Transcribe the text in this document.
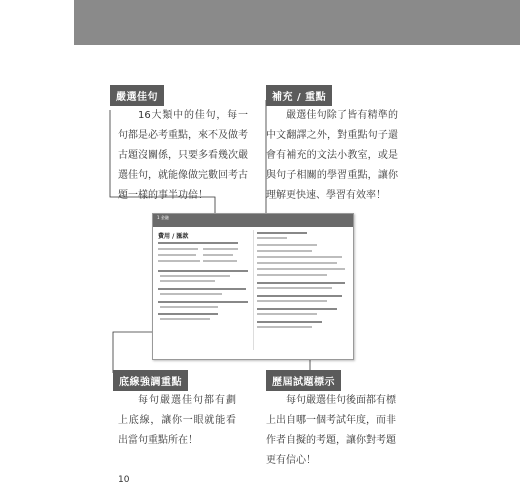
嚴選佳句
16大類中的佳句，每一句都是必考重點，來不及做考古題沒關係，只要多看幾次嚴選佳句，就能像做完數回考古題一樣的事半功倍！
補充 / 重點
嚴選佳句除了皆有精準的中文翻譯之外，對重點句子還會有補充的文法小教室，或是與句子相關的學習重點，讓你理解更快速、學習有效率！
1 金融
費用 / 匯款
底線強調重點
每句嚴選佳句都有劃上底線，讓你一眼就能看出當句重點所在！
歷屆試題標示
每句嚴選佳句後面都有標上出自哪一個考試年度，而非作者自擬的考題，讓你對考題更有信心！
10
